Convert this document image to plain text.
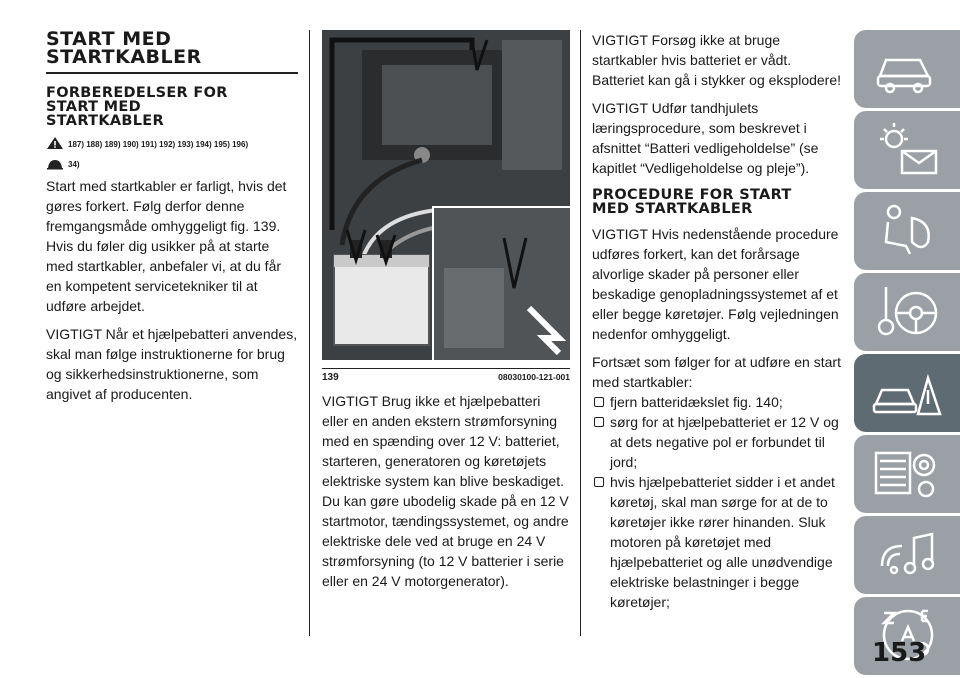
START MED
STARTKABLER
FORBEREDELSER FOR
START MED
STARTKABLER
187) 188) 189) 190) 191) 192) 193) 194) 195) 196)
34)

Start med startkabler er farligt, hvis det gøres forkert. Følg derfor denne fremgangsmåde omhyggeligt fig. 139. Hvis du føler dig usikker på at starte med startkabler, anbefaler vi, at du får en kompetent servicetekniker til at udføre arbejdet.

VIGTIGT Når et hjælpebatteri anvendes, skal man følge instruktionerne for brug og sikkerhedsinstruktionerne, som angivet af producenten.

139	08030100-121-001

VIGTIGT Brug ikke et hjælpebatteri eller en anden ekstern strømforsyning med en spænding over 12 V: batteriet, starteren, generatoren og køretøjets elektriske system kan blive beskadiget. Du kan gøre ubodelig skade på en 12 V startmotor, tændingssystemet, og andre elektriske dele ved at bruge en 24 V strømforsyning (to 12 V batterier i serie eller en 24 V motorgenerator).

VIGTIGT Forsøg ikke at bruge startkabler hvis batteriet er vådt. Batteriet kan gå i stykker og eksplodere!

VIGTIGT Udfør tandhjulets læringsprocedure, som beskrevet i afsnittet “Batteri vedligeholdelse” (se kapitlet “Vedligeholdelse og pleje”).

PROCEDURE FOR START
MED STARTKABLER

VIGTIGT Hvis nedenstående procedure udføres forkert, kan det forårsage alvorlige skader på personer eller beskadige genopladningssystemet af et eller begge køretøjer. Følg vejledningen nedenfor omhyggeligt.

Fortsæt som følger for at udføre en start med startkabler:

fjern batteridækslet fig. 140;
sørg for at hjælpebatteriet er 12 V og at dets negative pol er forbundet til jord;
hvis hjælpebatteriet sidder i et andet køretøj, skal man sørge for at de to køretøjer ikke rører hinanden. Sluk motoren på køretøjet med hjælpebatteriet og alle unødvendige elektriske belastninger i begge køretøjer;
153
